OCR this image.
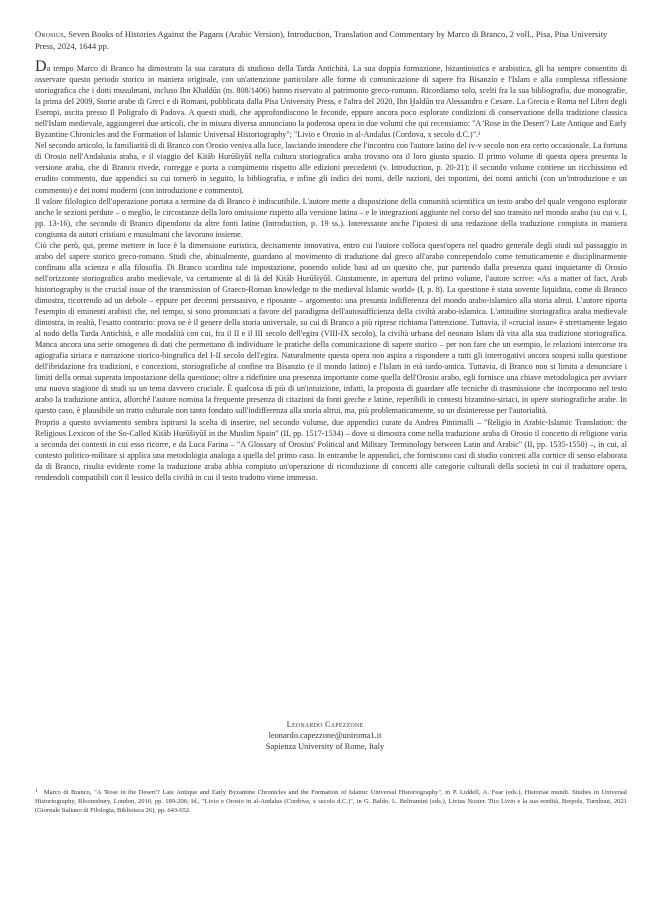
Orosius, Seven Books of Histories Against the Pagans (Arabic Version), Introduction, Translation and Commentary by Marco di Branco, 2 voll., Pisa, Pisa University Press, 2024, 1644 pp.

Da tempo Marco di Branco ha dimostrato la sua caratura di studioso della Tarda Antichità. La sua doppia formazione, bizantinistica e arabistica, gli ha sempre consentito di osservare questo periodo storico in maniera originale, con un'attenzione particolare alle forme di comunicazione di sapere fra Bisanzio e l'Islam e alla complessa riflessione storiografica che i dotti musulmani, incluso Ibn Khaldūn (m. 808/1406) hanno riservato al patrimonio greco-romano. Ricordiamo solo, scelti fra la sua bibliografia, due monografie, la prima del 2009, Storie arabe di Greci e di Romani, pubblicata dalla Pisa University Press, e l'altra del 2020, Ibn Ḫaldūn tra Alessandro e Cesare. La Grecia e Roma nel Libro degli Esempi, uscita presso Il Poligrafo di Padova. A questi studi, che approfondiscono le feconde, eppure ancora poco esplorate condizioni di conservazione della tradizione classica nell'Islam medievale, aggiungerei due articoli, che in misura diversa annunciano la poderosa opera in due volumi che qui recensiamo: "A 'Rose in the Desert'? Late Antique and Early Byzantine Chronicles and the Formation of Islamic Universal Historiography"; "Livio e Orosio in al-Andalus (Cordova, x secolo d.C.)".¹

Nel secondo articolo, la familiarità di di Branco con Orosio veniva alla luce, lasciando intendere che l'incontro con l'autore latino del iv-v secolo non era certo occasionale. La fortuna di Orosio nell'Andalusia araba, e il viaggio del Kitāb Hurūšiyūš nella cultura storiografica araba trovano ora il loro giusto spazio. Il primo volume di questa opera presenta la versione araba, che di Branco rivede, corregge e porta a compimento rispetto alle edizioni precedenti (v. Introduction, p. 20-21); il secondo volume contiene un ricchissimo ed erudito commento, due appendici su cui tornerò in seguito, la bibliografia, e infine gli indici dei nomi, delle nazioni, dei toponimi, dei nomi antichi (con un'introduzione e un commento) e dei nomi moderni (con introduzione e commento).

Il valore filologico dell'operazione portata a termine da di Branco è indiscutibile. L'autore mette a disposizione della comunità scientifica un testo arabo del quale vengono esplorate anche le sezioni perdute – o meglio, le circostanze della loro omissione rispetto alla versione latina – e le integrazioni aggiunte nel corso del suo transito nel mondo arabo (su cui v. I, pp. 13-16), che secondo di Branco dipendono da altre fonti latine (Introduction, p. 19 ss.). Interessante anche l'ipotesi di una redazione della traduzione compiuta in maniera congiunta da autori cristiani e musulmani che lavorano insieme.

Ciò che però, qui, preme mettere in luce è la dimensione euristica, decisamente innovativa, entro cui l'autore colloca quest'opera nel quadro generale degli studi sul passaggio in arabo del sapere storico greco-romano. Studi che, abitualmente, guardano al movimento di traduzione dal greco all'arabo concependolo come tematicamente e disciplinarmente confinato alla scienza e alla filosofia. Di Branco scardina tale impostazione, ponendo solide basi ad un quesito che, pur partendo dalla presenza quasi inquietante di Orosio nell'orizzonte storiografico arabo medievale, va certamente al di là del Kitāb Hurūšiyūš. Giustamente, in apertura del primo volume, l'autore scrive: «As a matter of fact, Arab historiography is the crucial issue of the transmission of Graeco-Roman knowledge to the medieval Islamic world» (I, p. 8). La questione è stata sovente liquidata, come di Branco dimostra, ricorrendo ad un debole – eppure per decenni persuasivo, e riposante – argomento: una presunta indifferenza del mondo arabo-islamico alla storia altrui. L'autore riporta l'esempio di eminenti arabisti che, nel tempo, si sono pronunciati a favore del paradigma dell'autosufficienza della civiltà arabo-islamica. L'attitudine storiografica araba medievale dimostra, in realtà, l'esatto contrario: prova ne è il genere della storia universale, su cui di Branco a più riprese richiama l'attenzione. Tuttavia, il «crucial issue» è strettamente legato al nodo della Tarda Antichità, e alle modalità con cui, fra il II e il III secolo dell'egira (VIII-IX secolo), la civiltà urbana del neonato Islam dà vita alla sua tradizione storiografica. Manca ancora una serie omogenea di dati che permettano di individuare le pratiche della comunicazione di sapere storico – per non fare che un esempio, le relazioni intercorse tra agiografia siriaca e narrazione storico-biografica del I-II secolo dell'egira. Naturalmente questa opera non aspira a rispondere a tutti gli interrogativi ancora sospesi sulla questione dell'ibridazione fra tradizioni, e concezioni, storiografiche al confine tra Bisanzio (e il mondo latino) e l'Islam in età tardo-antica. Tuttavia, di Branco non si limita a denunciare i limiti della ormai superata impostazione della questione; oltre a ridefinire una presenza importante come quella dell'Orosio arabo, egli fornisce una chiave metodologica per avviare una nuova stagione di studi su un tema davvero cruciale. È qualcosa di più di un'intuizione, infatti, la proposta di guardare alle tecniche di trasmissione che incorporano nel testo arabo la traduzione antica, allorché l'autore nomina la frequente presenza di citazioni da fonti greche e latine, reperibili in contesti bizantino-siriaci, in opere storiografiche arabe. In questo caso, è plausibile un tratto culturale non tanto fondato sull'indifferenza alla storia altrui, ma, più problematicamente, su un disinteresse per l'autorialità.

Proprio a questo avviamento sembra ispirarsi la scelta di inserire, nel secondo volume, due appendici curate da Andrea Pintimalli – "Religio in Arabic-Islamic Translation: the Religious Lexicon of the So-Called Kitāb Hurūšiyūš in the Muslim Spain" (II, pp. 1517-1534) – dove si dimostra come nella traduzione araba di Orosio il concetto di religione varia a seconda dei contesti in cui esso ricorre, e da Luca Farina – "A Glossary of Orosius' Political and Military Terminology between Latin and Arabic" (II, pp. 1535-1550) –, in cui, al contesto politico-militare si applica una metodologia analoga a quella del primo caso. In entrambe le appendici, che forniscono casi di studio concreti alla cornice di senso elaborata da di Branco, risulta evidente come la traduzione araba abbia compiuto un'operazione di riconduzione di concetti alle categorie culturali della società in cui il traduttore opera, rendendoli compatibili con il lessico della civiltà in cui il testo tradotto viene immesso.

Leonardo Capezzone
leonardo.capezzone@uniroma1.it
Sapienza University of Rome, Italy
$^1$ Marco di Branco, "A 'Rose in the Desert'? Late Antique and Early Byzantine Chronicles and the Formation of Islamic Universal Historiography", in P. Liddell, A. Fear (eds.), Historiae mundi. Studies in Universal Historiography, Bloomsbury, London, 2010, pp. 189-206; Id., "Livio e Orosio in al-Andalus (Cordova, x secolo d.C.)", in G. Baldo, L. Beltramini (eds.), Livius Noster. Tito Livio e la sua eredità, Brepols, Turnhout, 2021 (Giornale Italiano di Filologia, Biblioteca 26), pp. 643-652.
